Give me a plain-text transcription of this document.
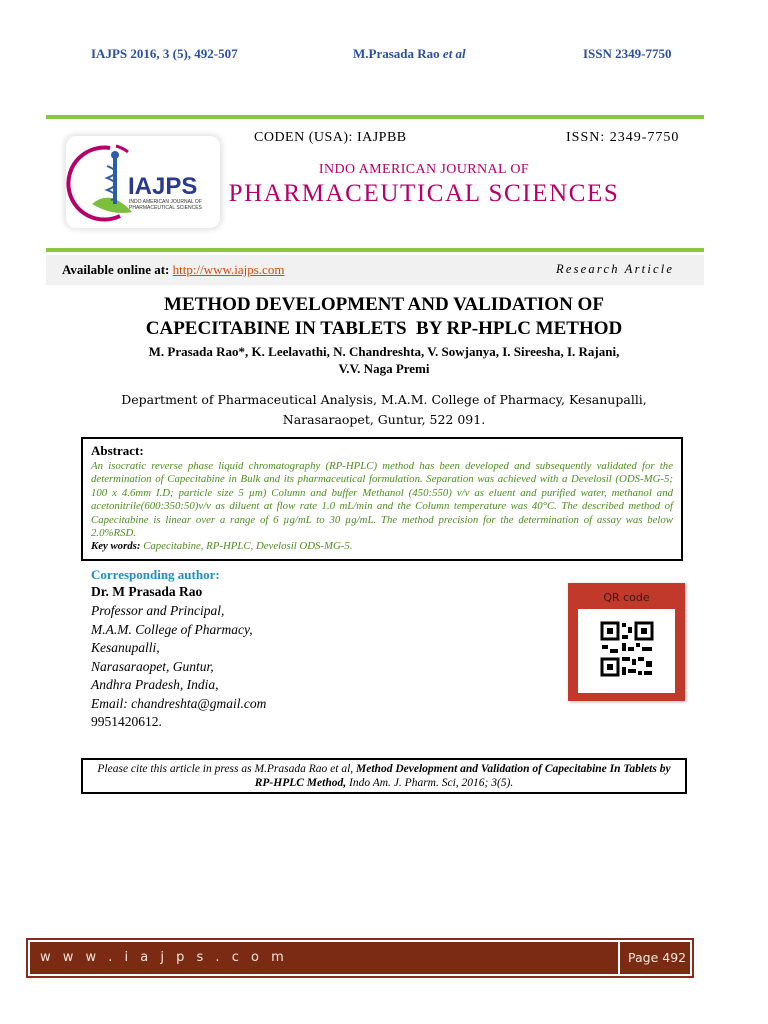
IAJPS 2016, 3 (5), 492-507	M.Prasada Rao et al	ISSN 2349-7750
IAJPS
INDO AMERICAN JOURNAL OF
PHARMACEUTICAL SCIENCES
CODEN (USA): IAJPBB	ISSN: 2349-7750
INDO AMERICAN JOURNAL OF
PHARMACEUTICAL SCIENCES
Available online at: http://www.iajps.com	Research Article
METHOD DEVELOPMENT AND VALIDATION OF
CAPECITABINE IN TABLETS  BY RP-HPLC METHOD
M. Prasada Rao*, K. Leelavathi, N. Chandreshta, V. Sowjanya, I. Sireesha, I. Rajani,
V.V. Naga Premi
Department of Pharmaceutical Analysis, M.A.M. College of Pharmacy, Kesanupalli,
Narasaraopet, Guntur, 522 091.
Abstract:
An isocratic reverse phase liquid chromatography (RP-HPLC) method has been developed and subsequently validated for the determination of Capecitabine in Bulk and its pharmaceutical formulation. Separation was achieved with a Develosil (ODS-MG-5; 100 x 4.6mm I.D; particle size 5 µm) Column and buffer Methanol (450:550) v/v as eluent and purified water, methanol and acetonitrile(600:350:50)v/v as diluent at flow rate 1.0 mL/min and the Column temperature was 40°C. The described method of Capecitabine is linear over a range of 6 µg/mL to 30 µg/mL. The method precision for the determination of assay was below 2.0%RSD.
Key words: Capecitabine, RP-HPLC, Develosil ODS-MG-5.
Corresponding author:
Dr. M Prasada Rao
Professor and Principal,
M.A.M. College of Pharmacy,
Kesanupalli,
Narasaraopet, Guntur,
Andhra Pradesh, India,
Email: chandreshta@gmail.com
9951420612.
QR code
Please cite this article in press as M.Prasada Rao et al, Method Development and Validation of Capecitabine In Tablets by RP-HPLC Method, Indo Am. J. Pharm. Sci, 2016; 3(5).
w w w . i a j p s . c o m	Page 492
